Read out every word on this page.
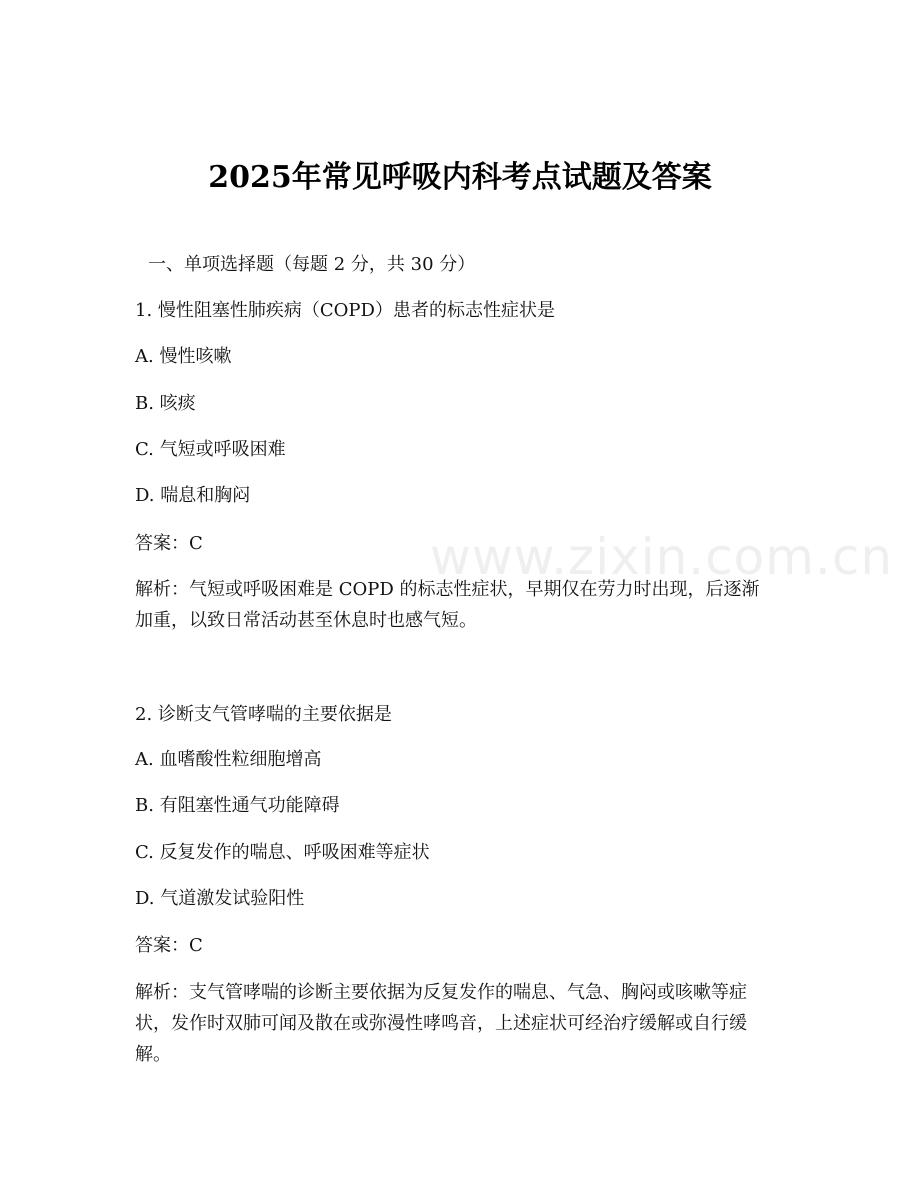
www.zixin.com.cn
2025年常见呼吸内科考点试题及答案
一、单项选择题（每题 2 分，共 30 分）
1. 慢性阻塞性肺疾病（COPD）患者的标志性症状是
A. 慢性咳嗽
B. 咳痰
C. 气短或呼吸困难
D. 喘息和胸闷
答案：C
解析：气短或呼吸困难是 COPD 的标志性症状，早期仅在劳力时出现，后逐渐加重，以致日常活动甚至休息时也感气短。
2. 诊断支气管哮喘的主要依据是
A. 血嗜酸性粒细胞增高
B. 有阻塞性通气功能障碍
C. 反复发作的喘息、呼吸困难等症状
D. 气道激发试验阳性
答案：C
解析：支气管哮喘的诊断主要依据为反复发作的喘息、气急、胸闷或咳嗽等症状，发作时双肺可闻及散在或弥漫性哮鸣音，上述症状可经治疗缓解或自行缓解。
